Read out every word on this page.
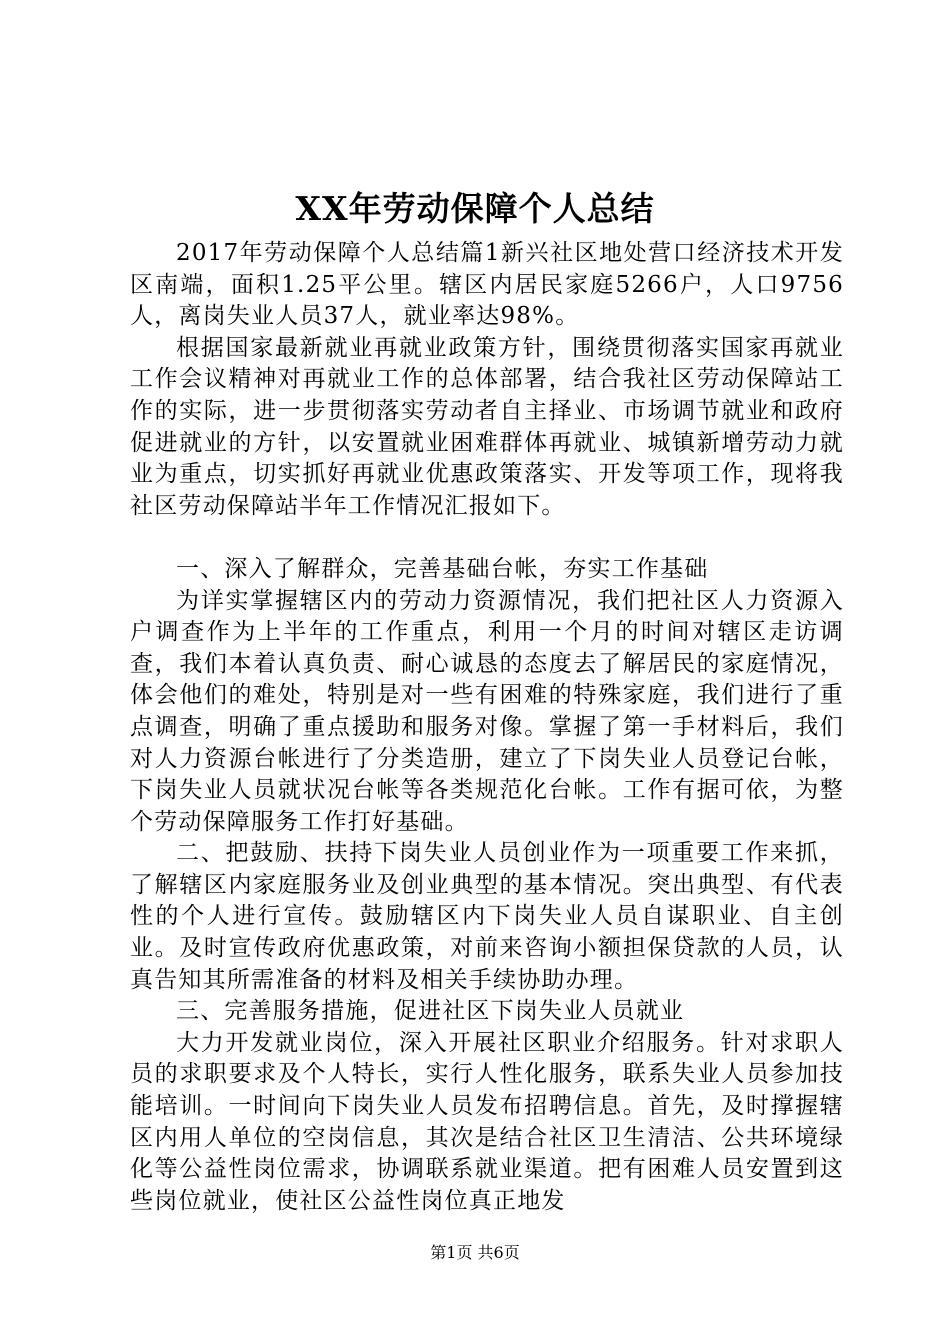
XX年劳动保障个人总结

2017年劳动保障个人总结篇1新兴社区地处营口经济技术开发区南端，面积1.25平公里。辖区内居民家庭5266户，人口9756人，离岗失业人员37人，就业率达98%。

根据国家最新就业再就业政策方针，围绕贯彻落实国家再就业工作会议精神对再就业工作的总体部署，结合我社区劳动保障站工作的实际，进一步贯彻落实劳动者自主择业、市场调节就业和政府促进就业的方针，以安置就业困难群体再就业、城镇新增劳动力就业为重点，切实抓好再就业优惠政策落实、开发等项工作，现将我社区劳动保障站半年工作情况汇报如下。

一、深入了解群众，完善基础台帐，夯实工作基础

为详实掌握辖区内的劳动力资源情况，我们把社区人力资源入户调查作为上半年的工作重点，利用一个月的时间对辖区走访调查，我们本着认真负责、耐心诚恳的态度去了解居民的家庭情况，体会他们的难处，特别是对一些有困难的特殊家庭，我们进行了重点调查，明确了重点援助和服务对像。掌握了第一手材料后，我们对人力资源台帐进行了分类造册，建立了下岗失业人员登记台帐，下岗失业人员就状况台帐等各类规范化台帐。工作有据可依，为整个劳动保障服务工作打好基础。

二、把鼓励、扶持下岗失业人员创业作为一项重要工作来抓，了解辖区内家庭服务业及创业典型的基本情况。突出典型、有代表性的个人进行宣传。鼓励辖区内下岗失业人员自谋职业、自主创业。及时宣传政府优惠政策，对前来咨询小额担保贷款的人员，认真告知其所需准备的材料及相关手续协助办理。

三、完善服务措施，促进社区下岗失业人员就业

大力开发就业岗位，深入开展社区职业介绍服务。针对求职人员的求职要求及个人特长，实行人性化服务，联系失业人员参加技能培训。一时间向下岗失业人员发布招聘信息。首先，及时撑握辖区内用人单位的空岗信息，其次是结合社区卫生清洁、公共环境绿化等公益性岗位需求，协调联系就业渠道。把有困难人员安置到这些岗位就业，使社区公益性岗位真正地发

第1页 共6页
